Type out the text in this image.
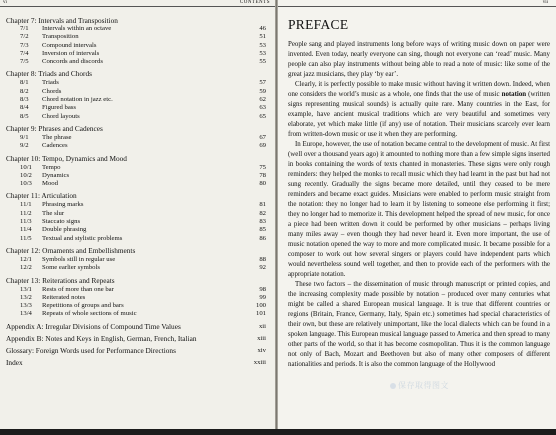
vi	CONTENTS
Chapter 7: Intervals and Transposition
7/1 Intervals within an octave	46
7/2 Transposition	51
7/3 Compound intervals	53
7/4 Inversion of intervals	53
7/5 Concords and discords	55
Chapter 8: Triads and Chords
8/1 Triads	57
8/2 Chords	59
8/3 Chord notation in jazz etc.	62
8/4 Figured bass	63
8/5 Chord layouts	65
Chapter 9: Phrases and Cadences
9/1 The phrase	67
9/2 Cadences	69
Chapter 10: Tempo, Dynamics and Mood
10/1 Tempo	75
10/2 Dynamics	78
10/3 Mood	80
Chapter 11: Articulation
11/1 Phrasing marks	81
11/2 The slur	82
11/3 Staccato signs	83
11/4 Double phrasing	85
11/5 Textual and stylistic problems	86
Chapter 12: Ornaments and Embellishments
12/1 Symbols still in regular use	88
12/2 Some earlier symbols	92
Chapter 13: Reiterations and Repeats
13/1 Rests of more than one bar	98
13/2 Reiterated notes	99
13/3 Repetitions of groups and bars	100
13/4 Repeats of whole sections of music	101
Appendix A: Irregular Divisions of Compound Time Values	xii
Appendix B: Notes and Keys in English, German, French, Italian	xiii
Glossary: Foreign Words used for Performance Directions	xiv
Index	xxiii
vii
PREFACE

People sang and played instruments long before ways of writing music down on paper were invented. Even today, nearly everyone can sing, though not everyone can ‘read’ music. Many people can also play instruments without being able to read a note of music: like some of the great jazz musicians, they play ‘by ear’.

Clearly, it is perfectly possible to make music without having it written down. Indeed, when one considers the world’s music as a whole, one finds that the use of music notation (written signs representing musical sounds) is actually quite rare. Many countries in the East, for example, have ancient musical traditions which are very beautiful and sometimes very elaborate, yet which make little (if any) use of notation. Their musicians scarcely ever learn from written-down music or use it when they are performing.

In Europe, however, the use of notation became central to the development of music. At first (well over a thousand years ago) it amounted to nothing more than a few simple signs inserted in books containing the words of texts chanted in monasteries. These signs were only rough reminders: they helped the monks to recall music which they had learnt in the past but had not sung recently. Gradually the signs became more detailed, until they ceased to be mere reminders and became exact guides. Musicians were enabled to perform music straight from the notation: they no longer had to learn it by listening to someone else performing it first; they no longer had to memorize it. This development helped the spread of new music, for once a piece had been written down it could be performed by other musicians – perhaps living many miles away – even though they had never heard it. Even more important, the use of music notation opened the way to more and more complicated music. It became possible for a composer to work out how several singers or players could have independent parts which would nevertheless sound well together, and then to provide each of the performers with the appropriate notation.

These two factors – the dissemination of music through manuscript or printed copies, and the increasing complexity made possible by notation – produced over many centuries what might be called a shared European musical language. It is true that different countries or regions (Britain, France, Germany, Italy, Spain etc.) sometimes had special characteristics of their own, but these are relatively unimportant, like the local dialects which can be found in a spoken language. This European musical language passed to America and then spread to many other parts of the world, so that it has become cosmopolitan. Thus it is the common language not only of Bach, Mozart and Beethoven but also of many other composers of different nationalities and periods. It is also the common language of the Hollywood

保存取得图文
